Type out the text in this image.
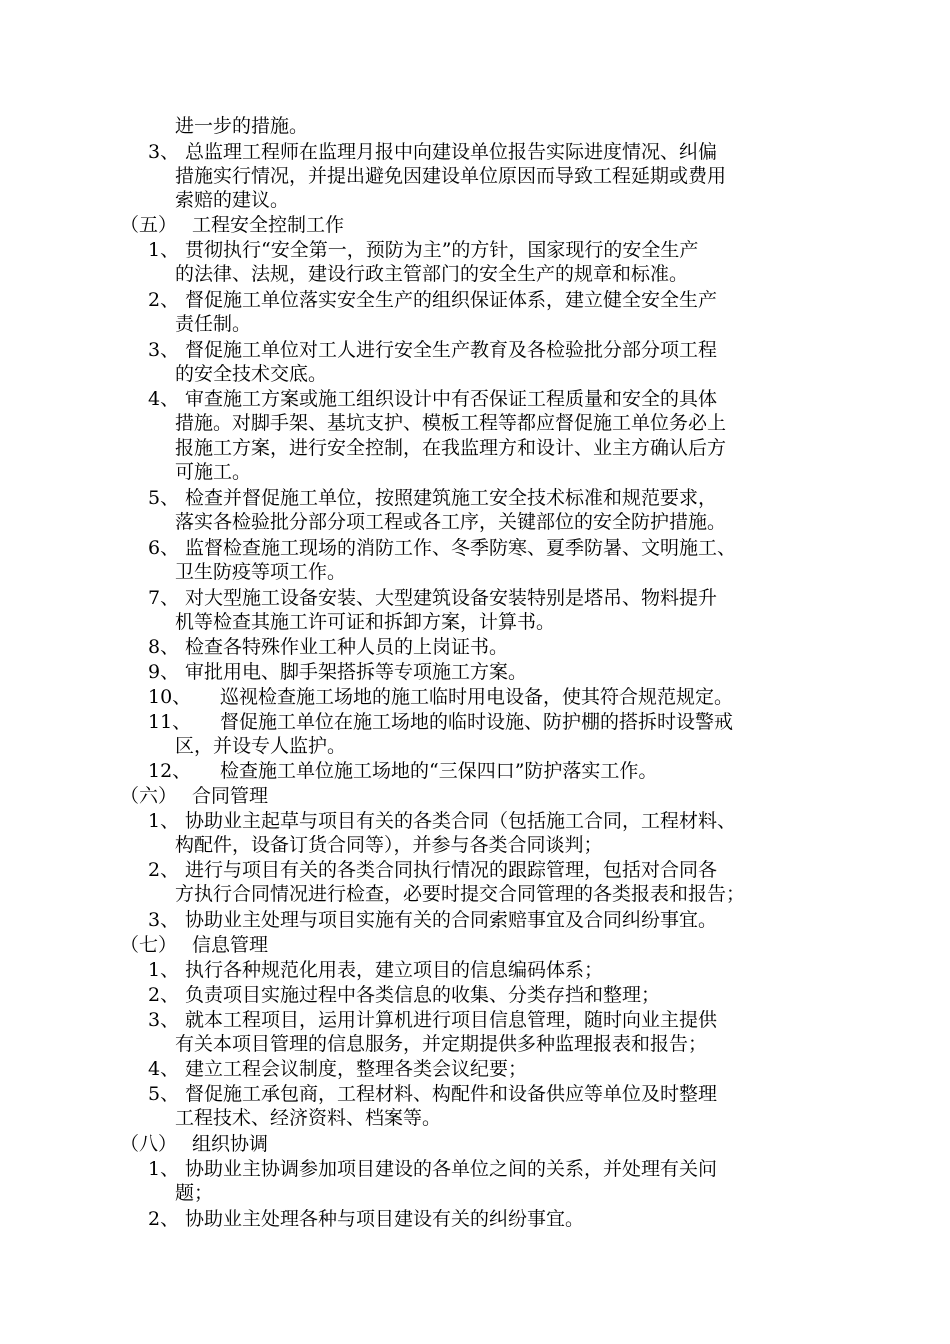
进一步的措施。
3、 总监理工程师在监理月报中向建设单位报告实际进度情况、纠偏
措施实行情况，并提出避免因建设单位原因而导致工程延期或费用
索赔的建议。
（五） 工程安全控制工作
1、 贯彻执行“安全第一，预防为主”的方针，国家现行的安全生产
的法律、法规，建设行政主管部门的安全生产的规章和标准。
2、 督促施工单位落实安全生产的组织保证体系，建立健全安全生产
责任制。
3、 督促施工单位对工人进行安全生产教育及各检验批分部分项工程
的安全技术交底。
4、 审查施工方案或施工组织设计中有否保证工程质量和安全的具体
措施。对脚手架、基坑支护、模板工程等都应督促施工单位务必上
报施工方案，进行安全控制，在我监理方和设计、业主方确认后方
可施工。
5、 检查并督促施工单位，按照建筑施工安全技术标准和规范要求，
落实各检验批分部分项工程或各工序，关键部位的安全防护措施。
6、 监督检查施工现场的消防工作、冬季防寒、夏季防暑、文明施工、
卫生防疫等项工作。
7、 对大型施工设备安装、大型建筑设备安装特别是塔吊、物料提升
机等检查其施工许可证和拆卸方案，计算书。
8、 检查各特殊作业工种人员的上岗证书。
9、 审批用电、脚手架搭拆等专项施工方案。
10、 巡视检查施工场地的施工临时用电设备，使其符合规范规定。
11、 督促施工单位在施工场地的临时设施、防护棚的搭拆时设警戒
区，并设专人监护。
12、 检查施工单位施工场地的“三保四口”防护落实工作。
（六） 合同管理
1、 协助业主起草与项目有关的各类合同（包括施工合同，工程材料、
构配件，设备订货合同等），并参与各类合同谈判；
2、 进行与项目有关的各类合同执行情况的跟踪管理，包括对合同各
方执行合同情况进行检查，必要时提交合同管理的各类报表和报告；
3、 协助业主处理与项目实施有关的合同索赔事宜及合同纠纷事宜。
（七） 信息管理
1、 执行各种规范化用表，建立项目的信息编码体系；
2、 负责项目实施过程中各类信息的收集、分类存挡和整理；
3、 就本工程项目，运用计算机进行项目信息管理，随时向业主提供
有关本项目管理的信息服务，并定期提供多种监理报表和报告；
4、 建立工程会议制度，整理各类会议纪要；
5、 督促施工承包商，工程材料、构配件和设备供应等单位及时整理
工程技术、经济资料、档案等。
（八） 组织协调
1、 协助业主协调参加项目建设的各单位之间的关系，并处理有关问
题；
2、 协助业主处理各种与项目建设有关的纠纷事宜。
